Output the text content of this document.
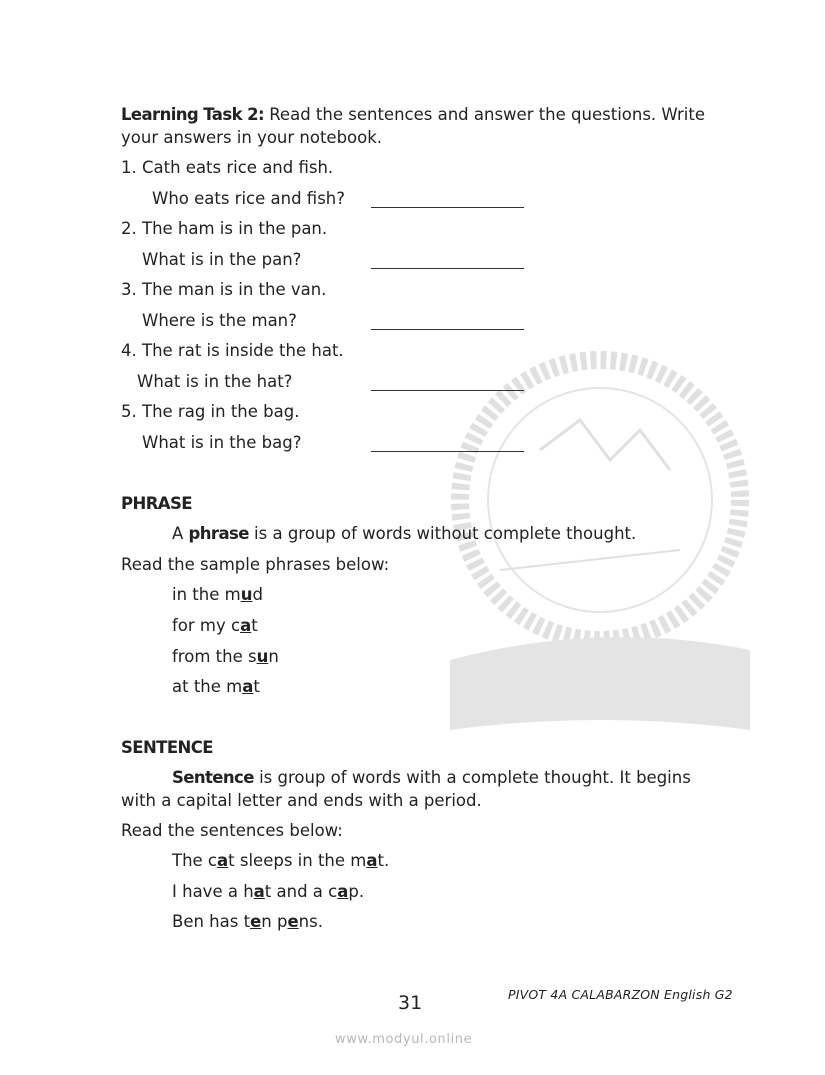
Learning Task 2: Read the sentences and answer the questions. Write
your answers in your notebook.
1. Cath eats rice and fish.
Who eats rice and fish?
2. The ham is in the pan.
What is in the pan?
3. The man is in the van.
Where is the man?
4. The rat is inside the hat.
What is in the hat?
5. The rag in the bag.
What is in the bag?
PHRASE
A phrase is a group of words without complete thought.
Read the sample phrases below:
in the mud
for my cat
from the sun
at the mat
SENTENCE
Sentence is group of words with a complete thought. It begins
with a capital letter and ends with a period.
Read the sentences below:
The cat sleeps in the mat.
I have a hat and a cap.
Ben has ten pens.
31	PIVOT 4A CALABARZON English G2
www.modyul.online
